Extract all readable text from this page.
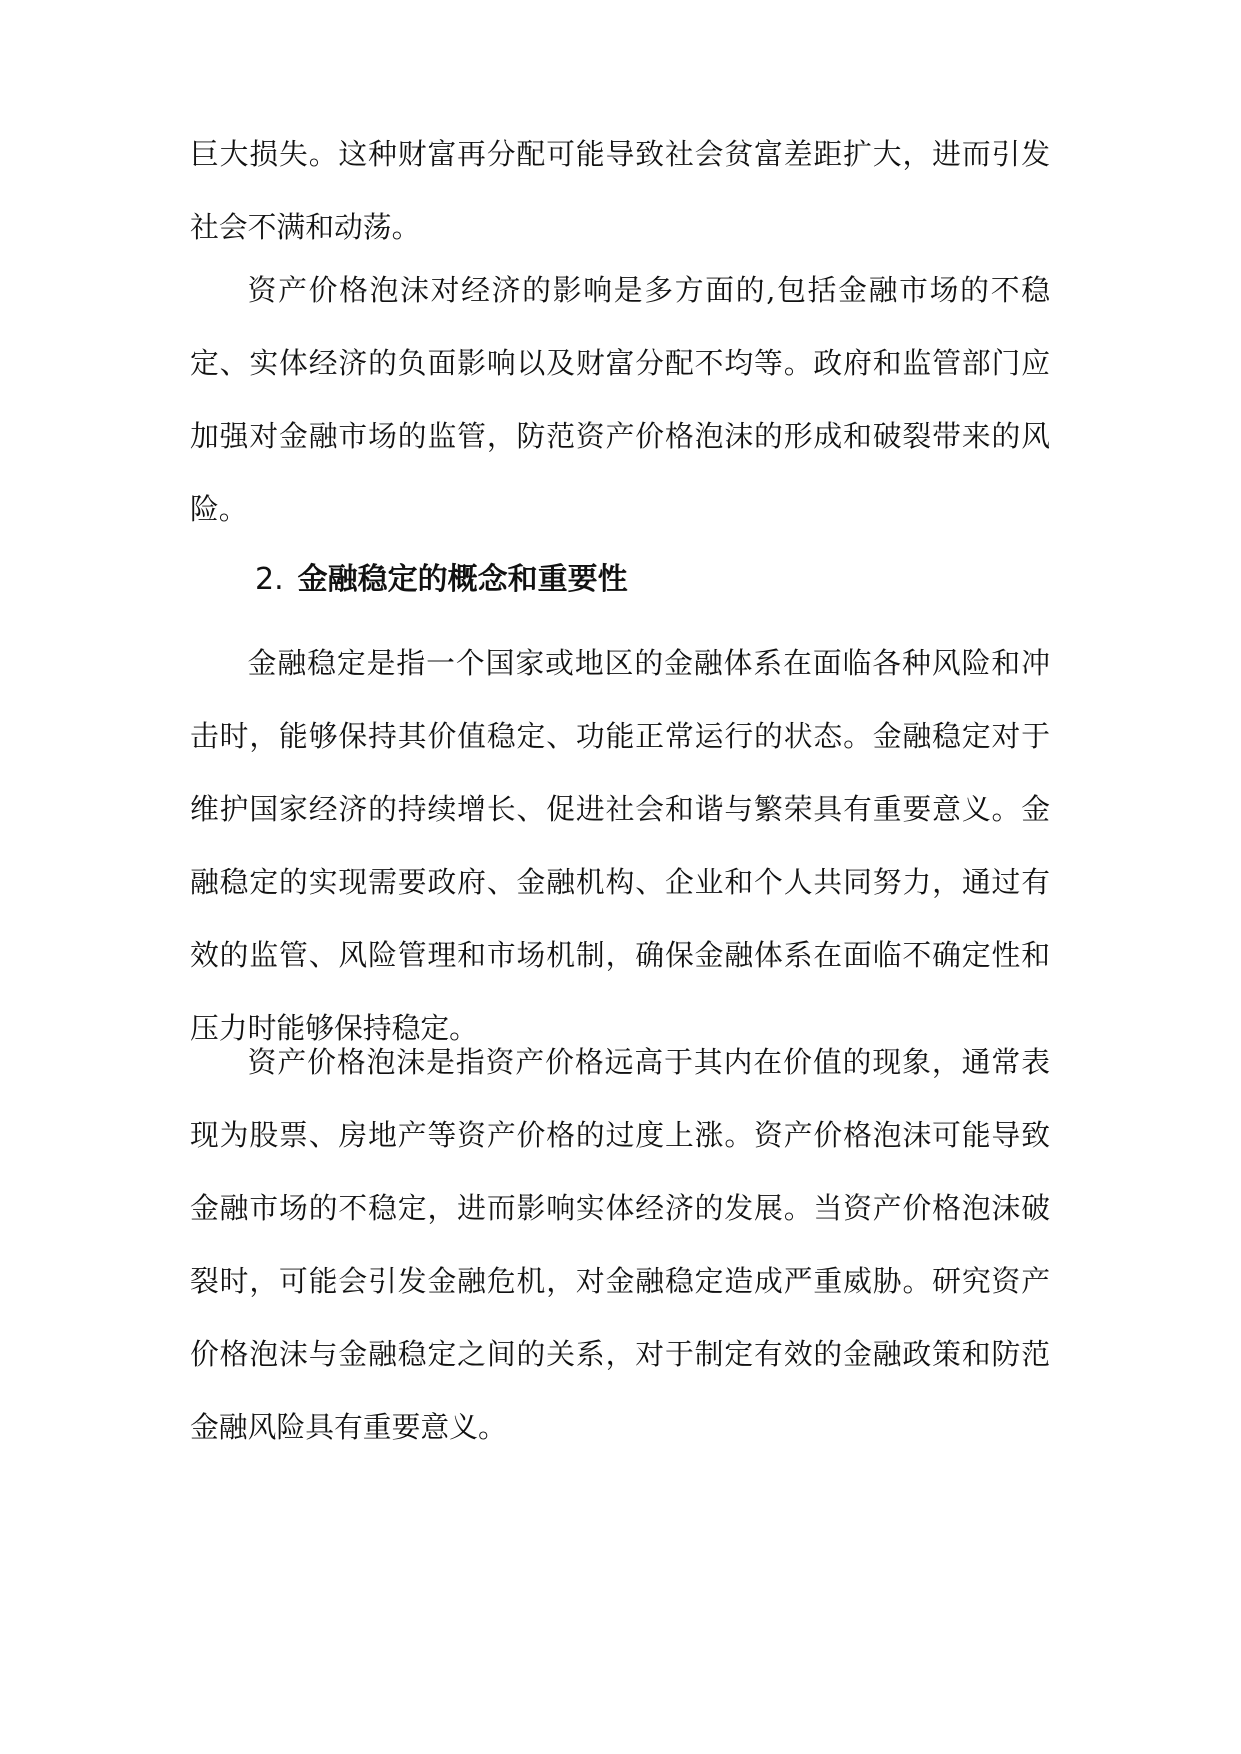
巨大损失。这种财富再分配可能导致社会贫富差距扩大，进而引发社会不满和动荡。

资产价格泡沫对经济的影响是多方面的,包括金融市场的不稳定、实体经济的负面影响以及财富分配不均等。政府和监管部门应加强对金融市场的监管，防范资产价格泡沫的形成和破裂带来的风险。

2. 金融稳定的概念和重要性

金融稳定是指一个国家或地区的金融体系在面临各种风险和冲击时，能够保持其价值稳定、功能正常运行的状态。金融稳定对于维护国家经济的持续增长、促进社会和谐与繁荣具有重要意义。金融稳定的实现需要政府、金融机构、企业和个人共同努力，通过有效的监管、风险管理和市场机制，确保金融体系在面临不确定性和压力时能够保持稳定。

资产价格泡沫是指资产价格远高于其内在价值的现象，通常表现为股票、房地产等资产价格的过度上涨。资产价格泡沫可能导致金融市场的不稳定，进而影响实体经济的发展。当资产价格泡沫破裂时，可能会引发金融危机，对金融稳定造成严重威胁。研究资产价格泡沫与金融稳定之间的关系，对于制定有效的金融政策和防范金融风险具有重要意义。
